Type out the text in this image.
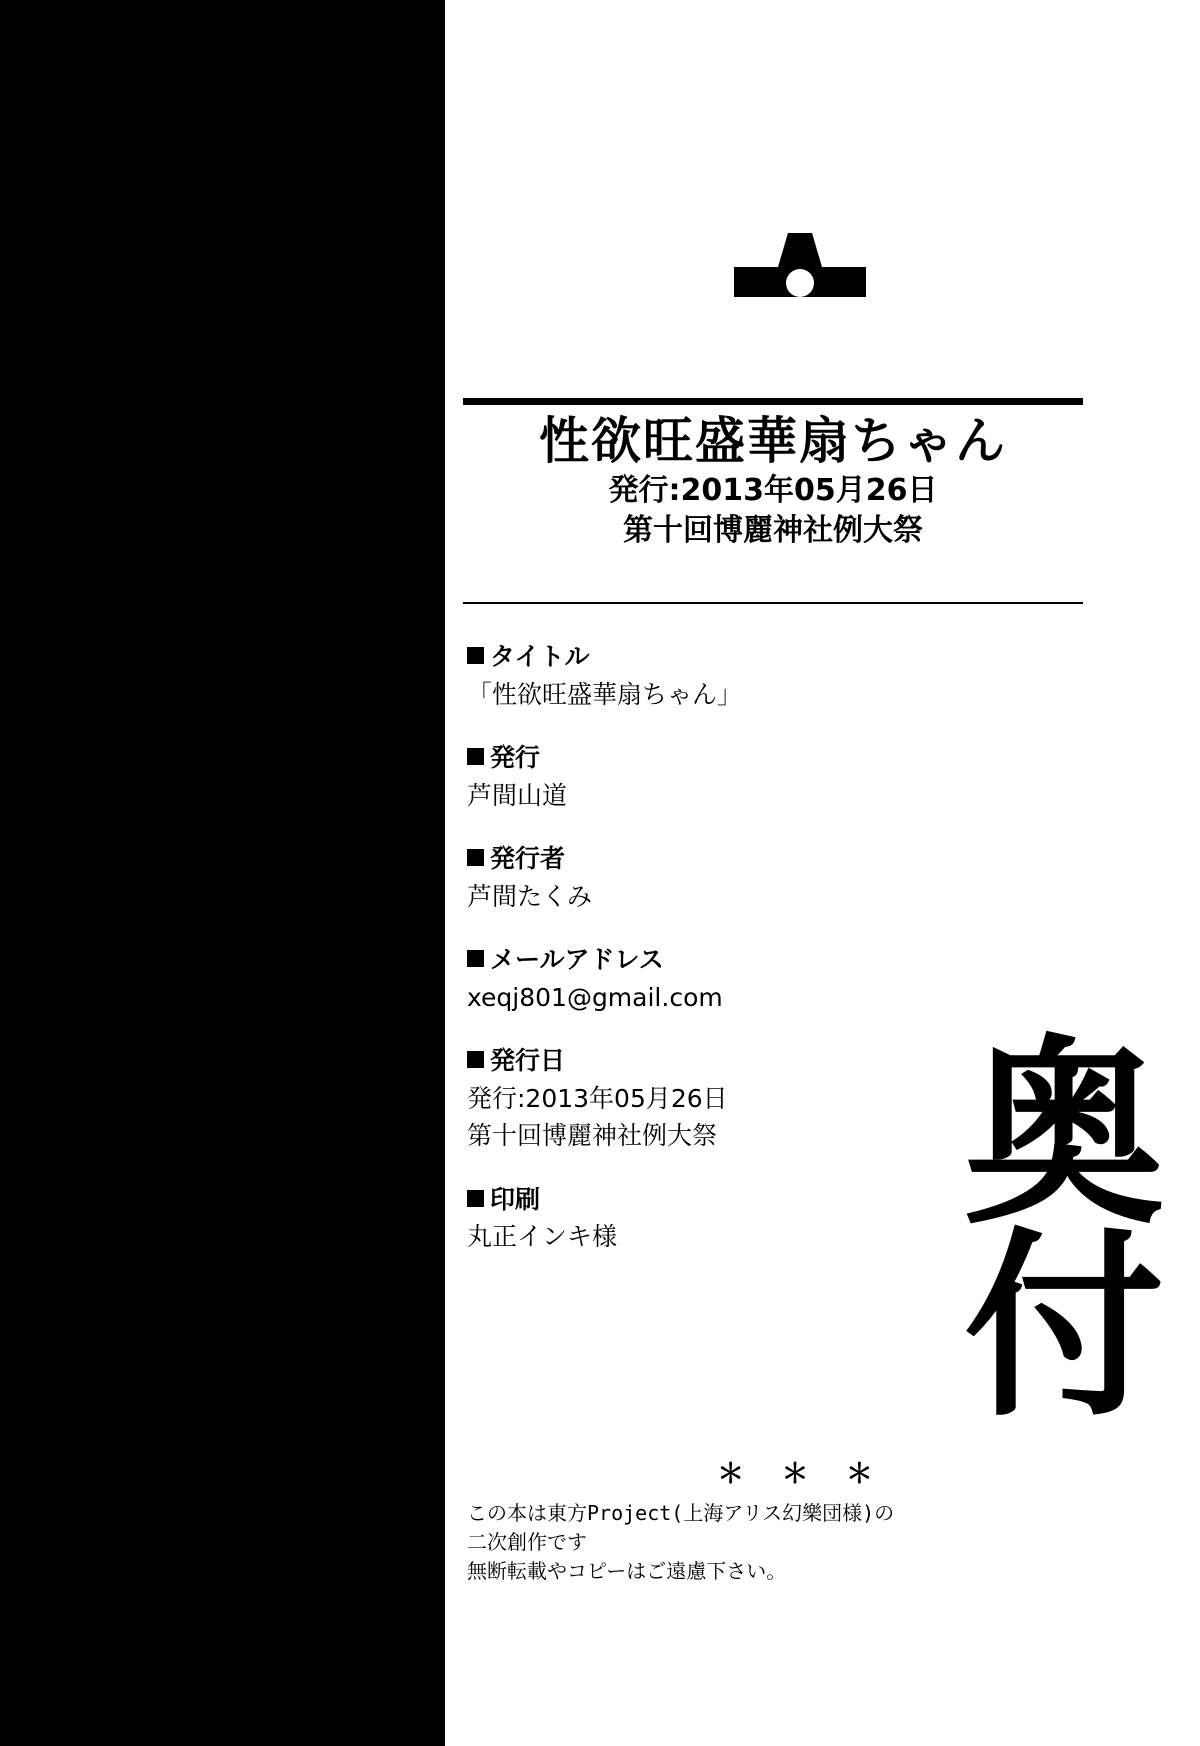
性欲旺盛華扇ちゃん
発行:2013年05月26日
第十回博麗神社例大祭
タイトル
「性欲旺盛華扇ちゃん」
発行
芦間山道
発行者
芦間たくみ
メールアドレス
xeqj801@gmail.com
発行日
発行:2013年05月26日
第十回博麗神社例大祭
印刷
丸正インキ様	奥
付
＊ ＊ ＊
この本は東方Project(上海アリス幻樂団様)の
二次創作です
無断転載やコピーはご遠慮下さい。
